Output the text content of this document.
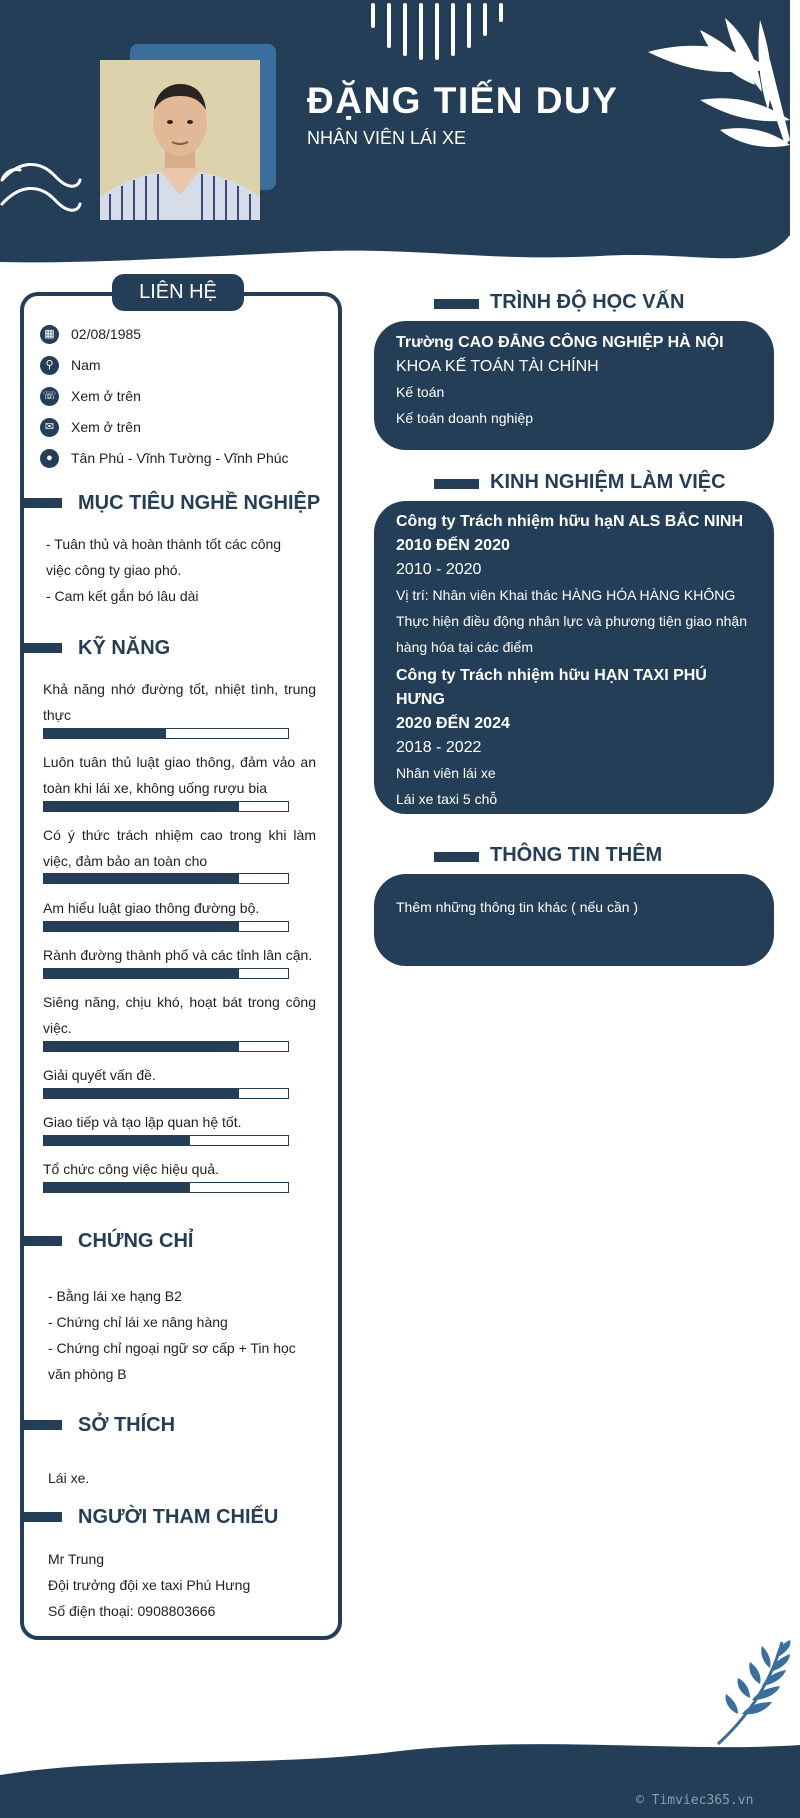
ĐẶNG TIẾN DUY
NHÂN VIÊN LÁI XE
LIÊN HỆ
▦	02/08/1985
⚲	Nam
☏ Xem ở trên
✉	Xem ở trên
●	Tân Phú - Vĩnh Tường - Vĩnh Phúc
MỤC TIÊU NGHỀ NGHIỆP
- Tuân thủ và hoàn thành tốt các công
việc công ty giao phó.
- Cam kết gắn bó lâu dài
KỸ NĂNG
Khả năng nhớ đường tốt, nhiệt tình, trung thực
Luôn tuân thủ luật giao thông, đảm vảo an toàn khi lái xe, không uống rượu bia
Có ý thức trách nhiệm cao trong khi làm việc, đảm bảo an toàn cho
Am hiểu luật giao thông đường bộ.
Rành đường thành phố và các tỉnh lân cận.
Siêng năng, chịu khó, hoạt bát trong công việc.
Giải quyết vấn đề.
Giao tiếp và tạo lập quan hệ tốt.
Tổ chức công việc hiệu quả.
CHỨNG CHỈ
- Bằng lái xe hạng B2
- Chứng chỉ lái xe nâng hàng
- Chứng chỉ ngoại ngữ sơ cấp + Tin học
văn phòng B
SỞ THÍCH
Lái xe.
NGƯỜI THAM CHIẾU
Mr Trung
Đội trưởng đội xe taxi Phú Hưng
Số điện thoại: 0908803666
TRÌNH ĐỘ HỌC VẤN
Trường CAO ĐẲNG CÔNG NGHIỆP HÀ NỘI
KHOA KẾ TOÁN TÀI CHÍNH
Kế toán
Kế toán doanh nghiệp
KINH NGHIỆM LÀM VIỆC
Công ty Trách nhiệm hữu hạN ALS BẮC NINH
2010 ĐẾN 2020
2010 - 2020
Vị trí: Nhân viên Khai thác HÀNG HÓA HÀNG KHÔNG
Thực hiện điều động nhân lực và phương tiện giao nhận
hàng hóa tại các điểm
Công ty Trách nhiệm hữu HẠN TAXI PHÚ HƯNG
2020 ĐẾN 2024
2018 - 2022
Nhân viên lái xe
Lái xe taxi 5 chỗ
THÔNG TIN THÊM
Thêm những thông tin khác ( nếu cần )
© Timviec365.vn
